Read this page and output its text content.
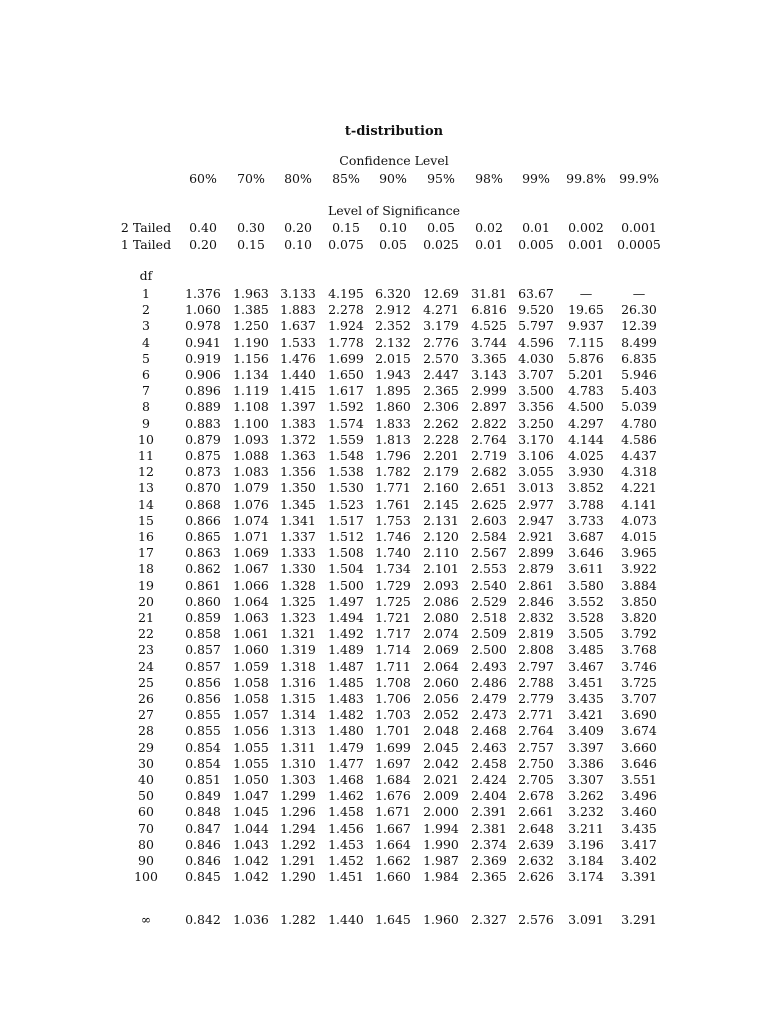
t-distribution
Confidence Level
Level of Significance
60% 70% 80% 85% 90% 95% 98% 99% 99.8% 99.9%
2 Tailed 0.40 0.30 0.20 0.15 0.10 0.05 0.02 0.01 0.002 0.001
1 Tailed 0.20 0.15 0.10 0.075 0.05 0.025 0.01 0.005 0.001 0.0005
df
1	1.376 1.963 3.133 4.195 6.320 12.69 31.81 63.67 —	—
2	1.060 1.385 1.883 2.278 2.912 4.271 6.816 9.520 19.65 26.30
3	0.978 1.250 1.637 1.924 2.352 3.179 4.525 5.797 9.937 12.39
4	0.941 1.190 1.533 1.778 2.132 2.776 3.744 4.596 7.115 8.499
5	0.919 1.156 1.476 1.699 2.015 2.570 3.365 4.030 5.876 6.835
6	0.906 1.134 1.440 1.650 1.943 2.447 3.143 3.707 5.201 5.946
7	0.896 1.119 1.415 1.617 1.895 2.365 2.999 3.500 4.783 5.403
8	0.889 1.108 1.397 1.592 1.860 2.306 2.897 3.356 4.500 5.039
9	0.883 1.100 1.383 1.574 1.833 2.262 2.822 3.250 4.297 4.780
10 0.879 1.093 1.372 1.559 1.813 2.228 2.764 3.170 4.144 4.586
11 0.875 1.088 1.363 1.548 1.796 2.201 2.719 3.106 4.025 4.437
12 0.873 1.083 1.356 1.538 1.782 2.179 2.682 3.055 3.930 4.318
13 0.870 1.079 1.350 1.530 1.771 2.160 2.651 3.013 3.852 4.221
14 0.868 1.076 1.345 1.523 1.761 2.145 2.625 2.977 3.788 4.141
15 0.866 1.074 1.341 1.517 1.753 2.131 2.603 2.947 3.733 4.073
16 0.865 1.071 1.337 1.512 1.746 2.120 2.584 2.921 3.687 4.015
17 0.863 1.069 1.333 1.508 1.740 2.110 2.567 2.899 3.646 3.965
18 0.862 1.067 1.330 1.504 1.734 2.101 2.553 2.879 3.611 3.922
19 0.861 1.066 1.328 1.500 1.729 2.093 2.540 2.861 3.580 3.884
20 0.860 1.064 1.325 1.497 1.725 2.086 2.529 2.846 3.552 3.850
21 0.859 1.063 1.323 1.494 1.721 2.080 2.518 2.832 3.528 3.820
22 0.858 1.061 1.321 1.492 1.717 2.074 2.509 2.819 3.505 3.792
23 0.857 1.060 1.319 1.489 1.714 2.069 2.500 2.808 3.485 3.768
24 0.857 1.059 1.318 1.487 1.711 2.064 2.493 2.797 3.467 3.746
25 0.856 1.058 1.316 1.485 1.708 2.060 2.486 2.788 3.451 3.725
26 0.856 1.058 1.315 1.483 1.706 2.056 2.479 2.779 3.435 3.707
27 0.855 1.057 1.314 1.482 1.703 2.052 2.473 2.771 3.421 3.690
28 0.855 1.056 1.313 1.480 1.701 2.048 2.468 2.764 3.409 3.674
29 0.854 1.055 1.311 1.479 1.699 2.045 2.463 2.757 3.397 3.660
30 0.854 1.055 1.310 1.477 1.697 2.042 2.458 2.750 3.386 3.646
40 0.851 1.050 1.303 1.468 1.684 2.021 2.424 2.705 3.307 3.551
50 0.849 1.047 1.299 1.462 1.676 2.009 2.404 2.678 3.262 3.496
60 0.848 1.045 1.296 1.458 1.671 2.000 2.391 2.661 3.232 3.460
70 0.847 1.044 1.294 1.456 1.667 1.994 2.381 2.648 3.211 3.435
80 0.846 1.043 1.292 1.453 1.664 1.990 2.374 2.639 3.196 3.417
90 0.846 1.042 1.291 1.452 1.662 1.987 2.369 2.632 3.184 3.402
100 0.845 1.042 1.290 1.451 1.660 1.984 2.365 2.626 3.174 3.391
∞	0.842 1.036 1.282 1.440 1.645 1.960 2.327 2.576 3.091 3.291
